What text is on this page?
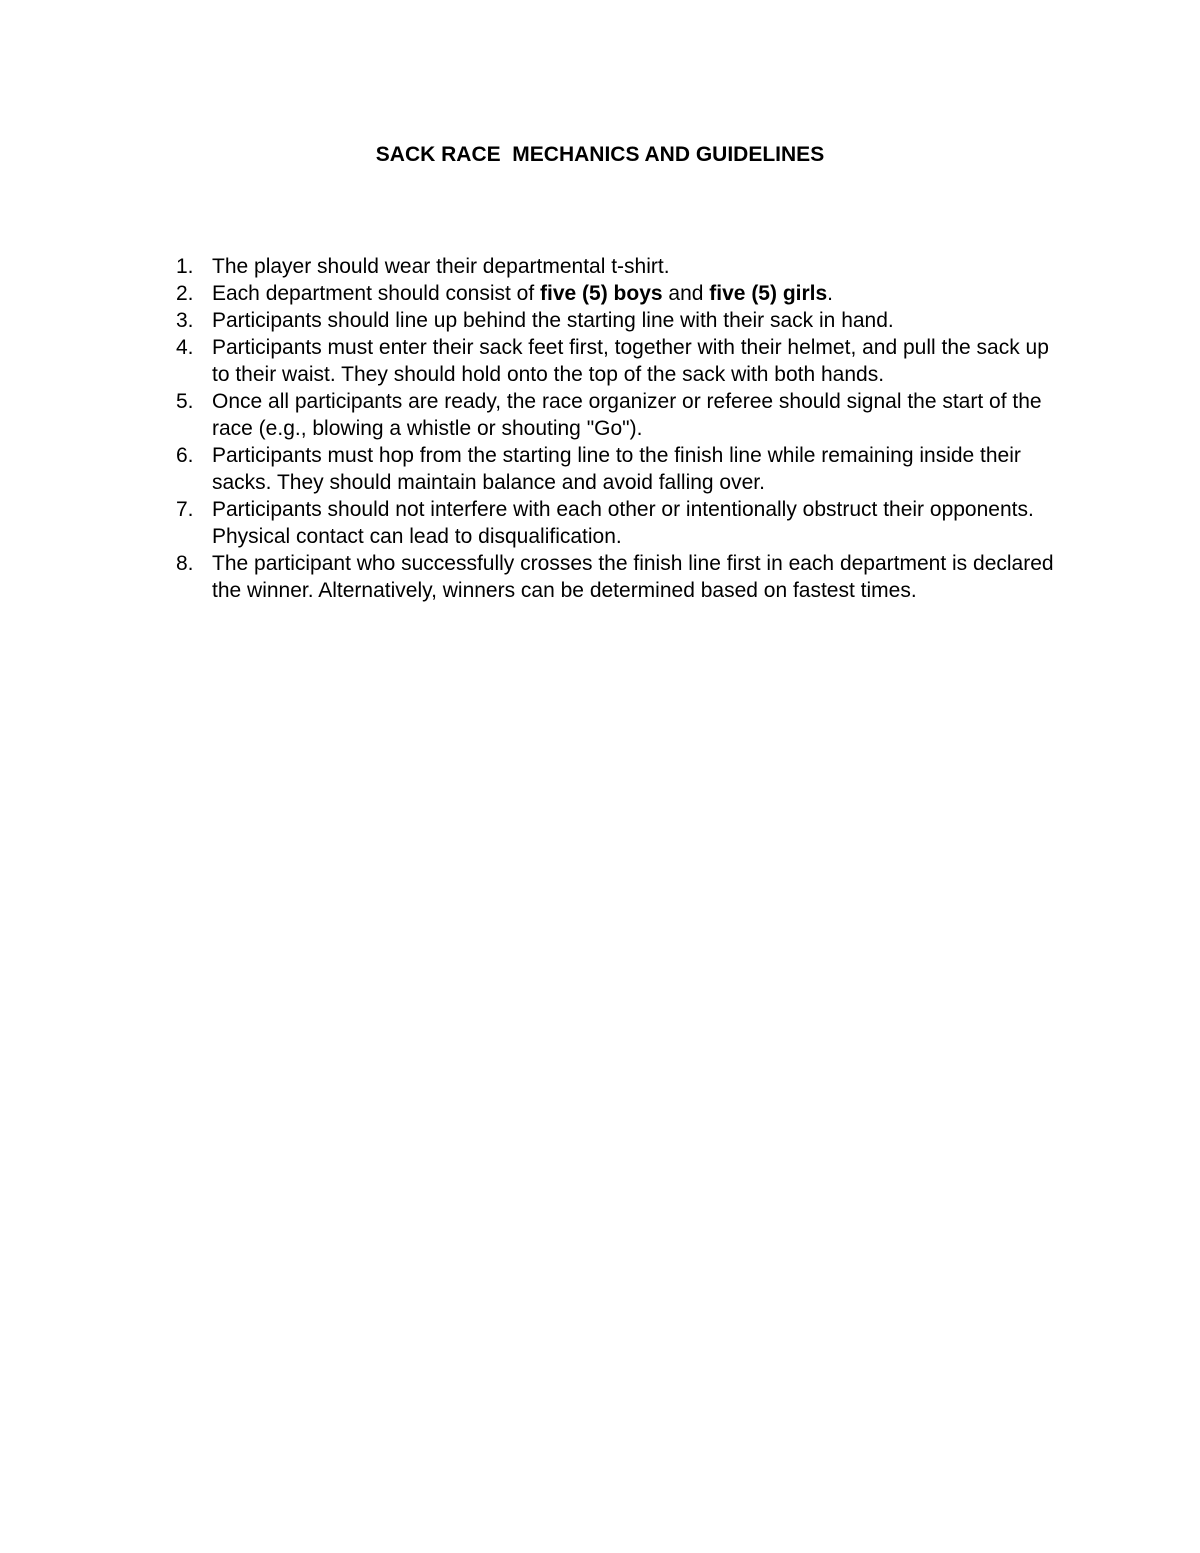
SACK RACE  MECHANICS AND GUIDELINES
1. The player should wear their departmental t-shirt.
2. Each department should consist of five (5) boys and five (5) girls.
3. Participants should line up behind the starting line with their sack in hand.
4. Participants must enter their sack feet first, together with their helmet, and pull the sack up to their waist. They should hold onto the top of the sack with both hands.
5. Once all participants are ready, the race organizer or referee should signal the start of the race (e.g., blowing a whistle or shouting "Go").
6. Participants must hop from the starting line to the finish line while remaining inside their sacks. They should maintain balance and avoid falling over.
7. Participants should not interfere with each other or intentionally obstruct their opponents. Physical contact can lead to disqualification.
8. The participant who successfully crosses the finish line first in each department is declared the winner. Alternatively, winners can be determined based on fastest times.
